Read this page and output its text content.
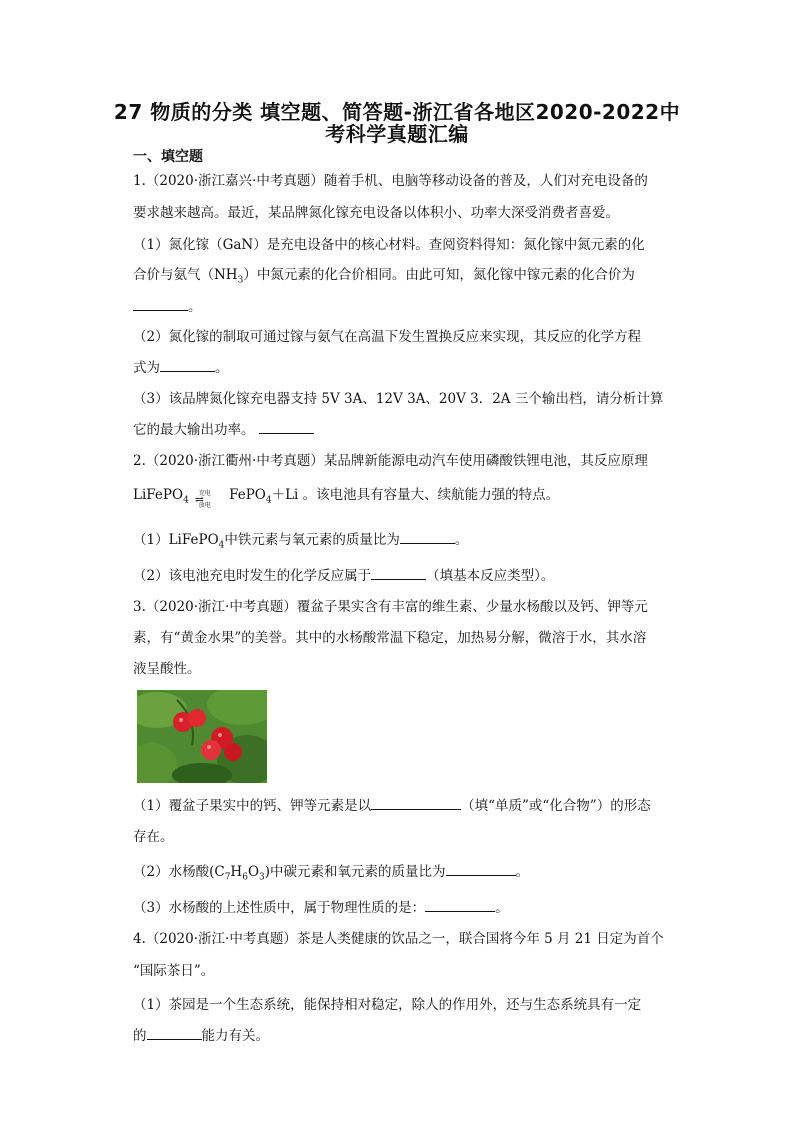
27 物质的分类 填空题、简答题-浙江省各地区2020-2022中
考科学真题汇编
一、填空题
1.（2020·浙江嘉兴·中考真题）随着手机、电脑等移动设备的普及，人们对充电设备的
要求越来越高。最近，某品牌氮化镓充电设备以体积小、功率大深受消费者喜爱。
（1）氮化镓（GaN）是充电设备中的核心材料。查阅资料得知：氮化镓中氮元素的化
合价与氨气$(NH_3)$中氮元素的化合价相同。由此可知，氮化镓中镓元素的化合价为
。
（2）氮化镓的制取可通过镓与氨气在高温下发生置换反应来实现，其反应的化学方程
式为	。
（3）该品牌氮化镓充电器支持 5V 3A、12V 3A、20V 3．2A 三个输出档，请分析计算
它的最大输出功率。
2.（2020·浙江衢州·中考真题）某品牌新能源电动汽车使用磷酸铁锂电池，其反应原理
LiFePO$_4$
充电
⇌
放电
FePO$_4$＋Li 。该电池具有容量大、续航能力强的特点。
（1）LiFePO$_4$中铁元素与氧元素的质量比为	。
（2）该电池充电时发生的化学反应属于	（填基本反应类型）。
3.（2020·浙江·中考真题）覆盆子果实含有丰富的维生素、少量水杨酸以及钙、钾等元
素，有“黄金水果”的美誉。其中的水杨酸常温下稳定，加热易分解，微溶于水，其水溶
液呈酸性。
（1）覆盆子果实中的钙、钾等元素是以	（填“单质”或“化合物”）的形态
存在。
（2）水杨酸$(C_7H_6O_3)$中碳元素和氧元素的质量比为	。
（3）水杨酸的上述性质中，属于物理性质的是：	。
4.（2020·浙江·中考真题）茶是人类健康的饮品之一，联合国将今年 5 月 21 日定为首个
“国际茶日”。
（1）茶园是一个生态系统，能保持相对稳定，除人的作用外，还与生态系统具有一定
的	能力有关。
